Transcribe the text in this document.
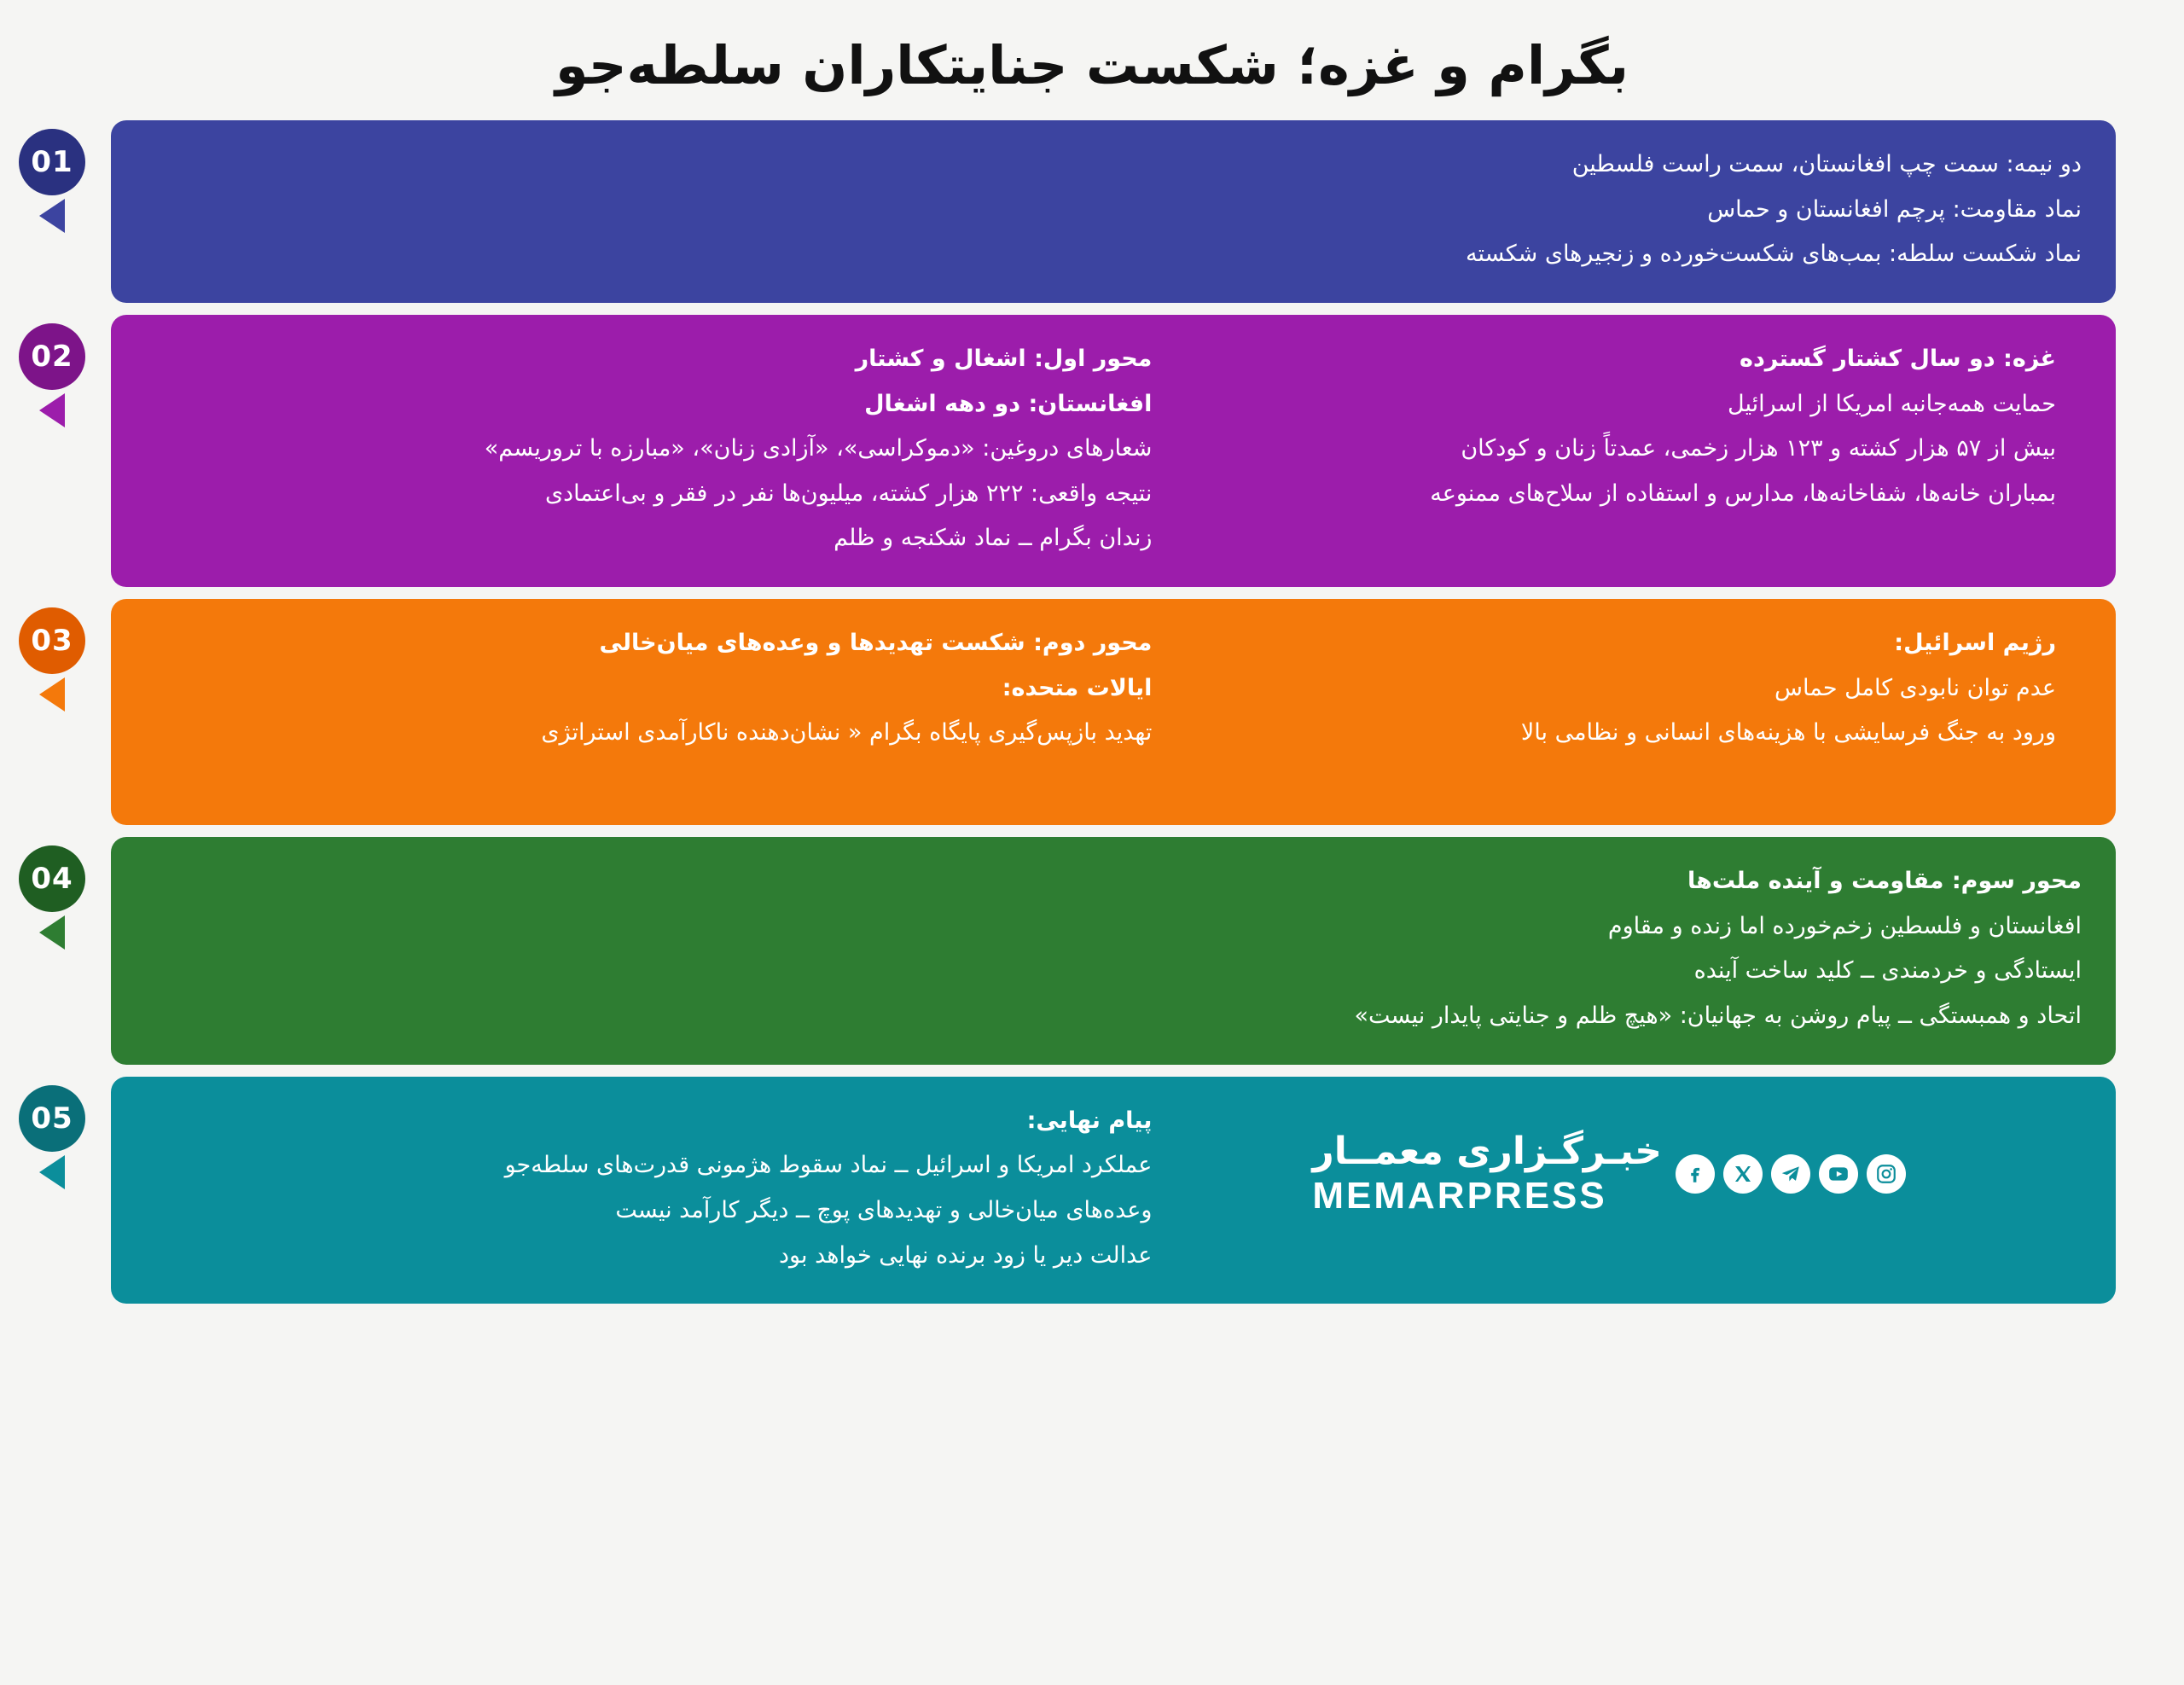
بگرام و غزه؛ شکست جنایتکاران سلطه‌جو
01	دو نیمه: سمت چپ افغانستان، سمت راست فلسطین
نماد مقاومت: پرچم افغانستان و حماس
نماد شکست سلطه: بمب‌های شکست‌خورده و زنجیرهای شکسته
02	غزه: دو سال کشتار گسترده
حمایت همه‌جانبه امریکا از اسرائیل
بیش از ۵۷ هزار کشته و ۱۲۳ هزار زخمی، عمدتاً زنان و کودکان
بمباران خانه‌ها، شفاخانه‌ها، مدارس و استفاده از سلاح‌های ممنوعه
محور اول: اشغال و کشتار
افغانستان: دو دهه اشغال
شعارهای دروغین: «دموکراسی»، «آزادی زنان»، «مبارزه با تروریسم»
نتیجه واقعی: ۲۲۲ هزار کشته، میلیون‌ها نفر در فقر و بی‌اعتمادی
زندان بگرام ــ نماد شکنجه و ظلم
03	رژیم اسرائیل:
عدم توان نابودی کامل حماس
ورود به جنگ فرسایشی با هزینه‌های انسانی و نظامی بالا
محور دوم: شکست تهدیدها و وعده‌های میان‌خالی
ایالات متحده:
تهدید بازپس‌گیری پایگاه بگرام « نشان‌دهنده ناکارآمدی استراتژی
04	محور سوم: مقاومت و آینده ملت‌ها
افغانستان و فلسطین زخم‌خورده اما زنده و مقاوم
ایستادگی و خردمندی ــ کلید ساخت آینده
اتحاد و همبستگی ــ پیام روشن به جهانیان: «هیچ ظلم و جنایتی پایدار نیست»
05
خبـرگـزاری معمــار
MEMARPRESS
پیام نهایی:
عملکرد امریکا و اسرائیل ــ نماد سقوط هژمونی قدرت‌های سلطه‌جو
وعده‌های میان‌خالی و تهدیدهای پوچ ــ دیگر کارآمد نیست
عدالت دیر یا زود برنده نهایی خواهد بود
